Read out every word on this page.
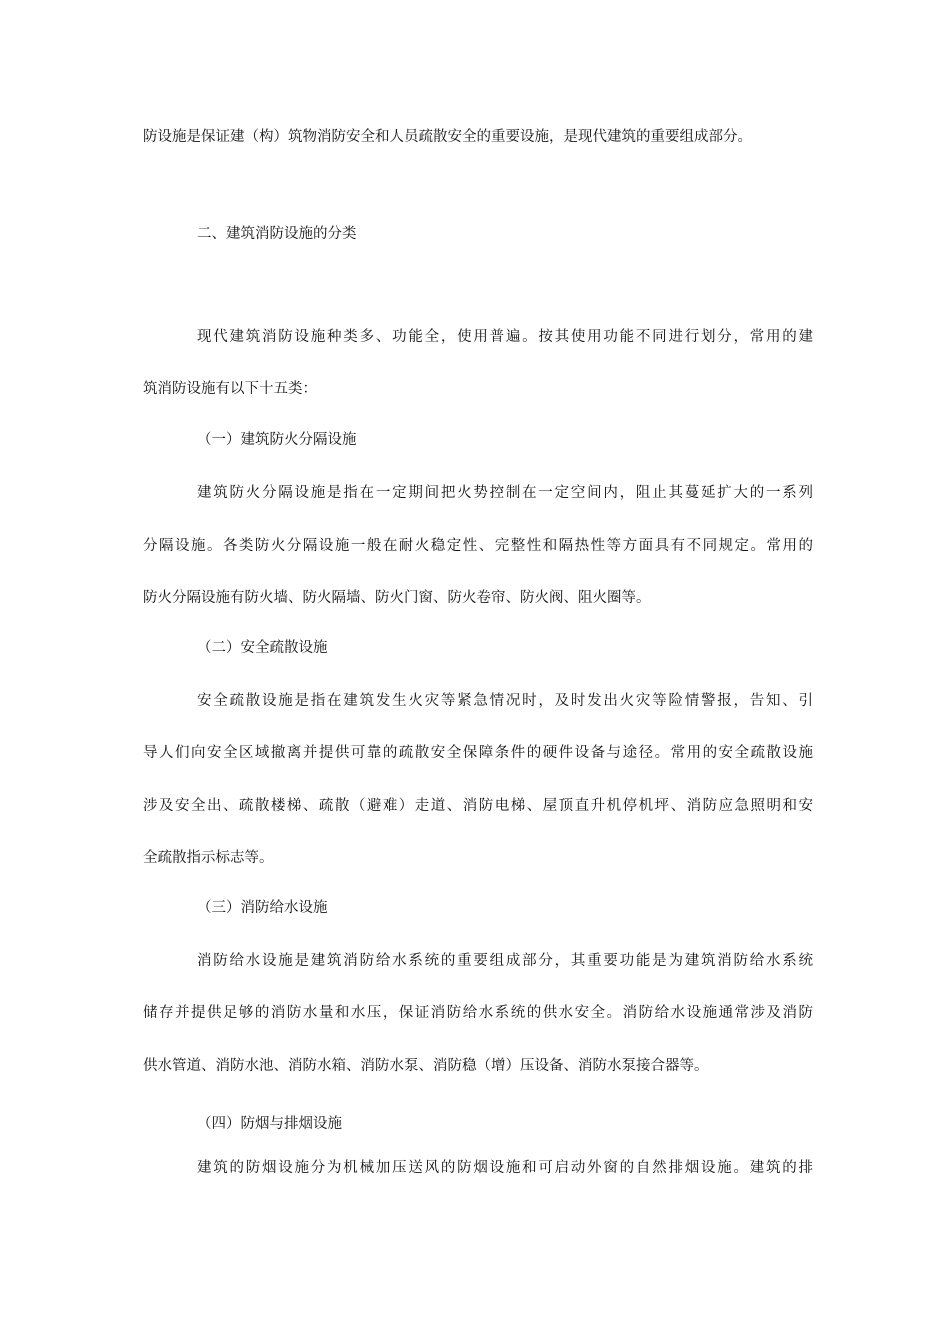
防设施是保证建（构）筑物消防安全和人员疏散安全的重要设施，是现代建筑的重要组成部分。
二、建筑消防设施的分类
现代建筑消防设施种类多、功能全，使用普遍。按其使用功能不同进行划分，常用的建
筑消防设施有以下十五类：
（一）建筑防火分隔设施
建筑防火分隔设施是指在一定期间把火势控制在一定空间内，阻止其蔓延扩大的一系列
分隔设施。各类防火分隔设施一般在耐火稳定性、完整性和隔热性等方面具有不同规定。常用的
防火分隔设施有防火墙、防火隔墙、防火门窗、防火卷帘、防火阀、阻火圈等。
（二）安全疏散设施
安全疏散设施是指在建筑发生火灾等紧急情况时，及时发出火灾等险情警报，告知、引
导人们向安全区域撤离并提供可靠的疏散安全保障条件的硬件设备与途径。常用的安全疏散设施
涉及安全出、疏散楼梯、疏散（避难）走道、消防电梯、屋顶直升机停机坪、消防应急照明和安
全疏散指示标志等。
（三）消防给水设施
消防给水设施是建筑消防给水系统的重要组成部分，其重要功能是为建筑消防给水系统
储存并提供足够的消防水量和水压，保证消防给水系统的供水安全。消防给水设施通常涉及消防
供水管道、消防水池、消防水箱、消防水泵、消防稳（增）压设备、消防水泵接合器等。
（四）防烟与排烟设施
建筑的防烟设施分为机械加压送风的防烟设施和可启动外窗的自然排烟设施。建筑的排
